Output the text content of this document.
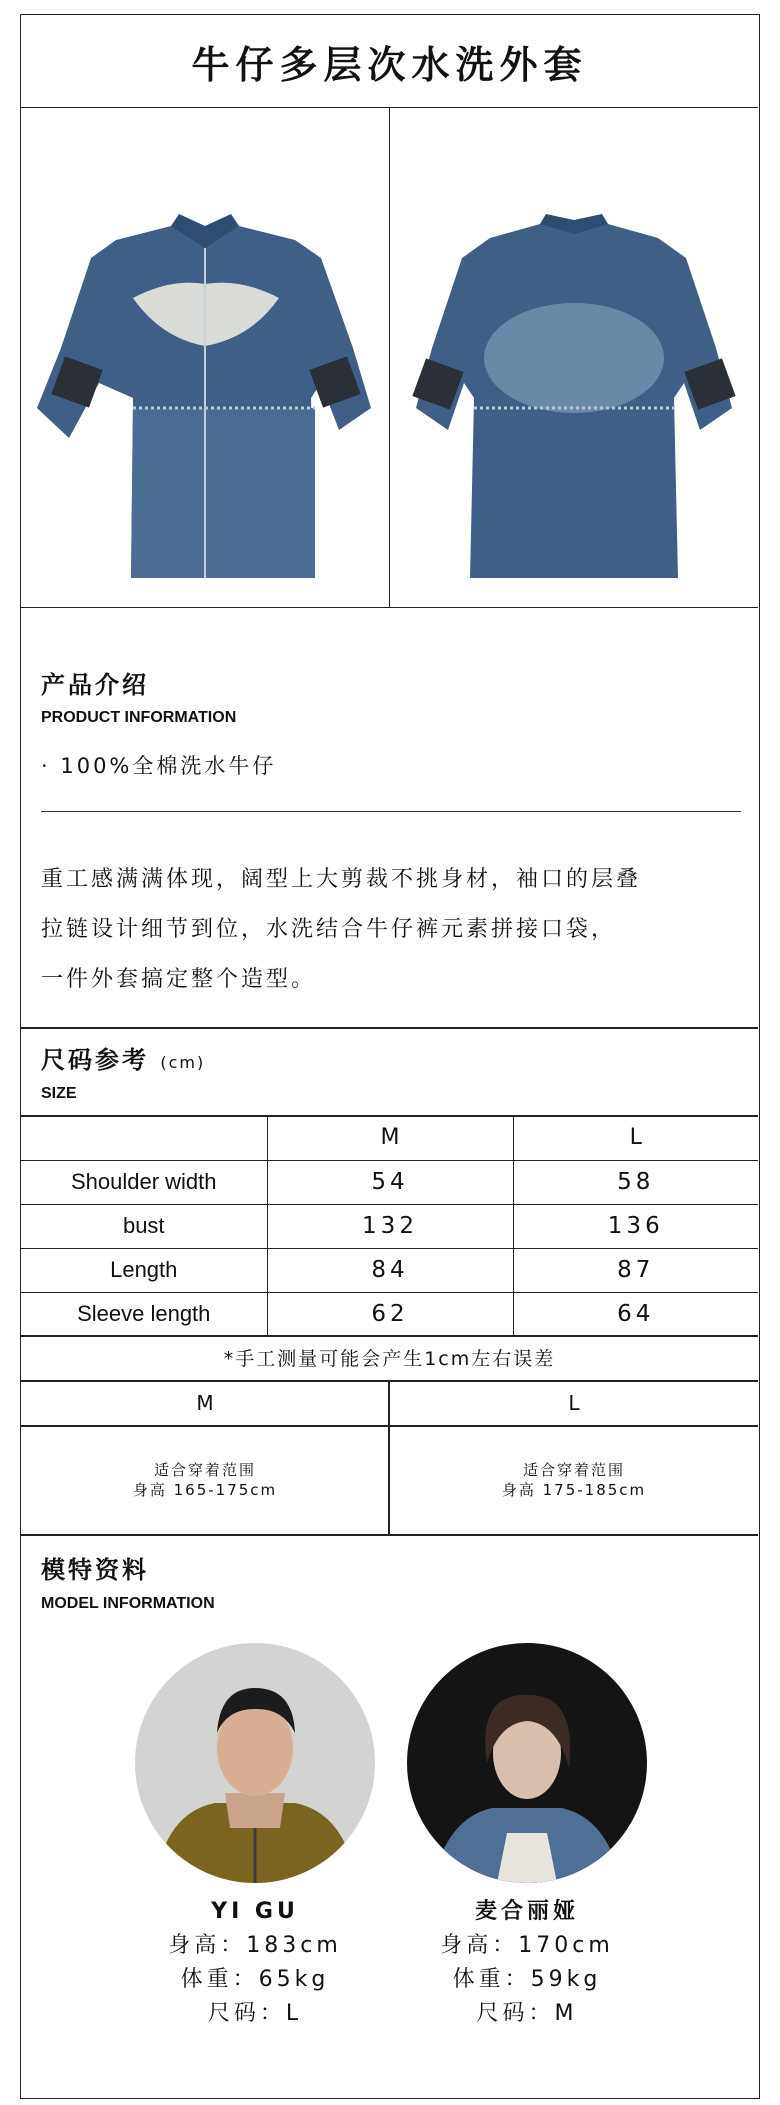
牛仔多层次水洗外套
产品介绍
PRODUCT INFORMATION
· 100%全棉洗水牛仔
重工感满满体现，阔型上大剪裁不挑身材，袖口的层叠
拉链设计细节到位，水洗结合牛仔裤元素拼接口袋，
一件外套搞定整个造型。
尺码参考 (cm)
SIZE
	M	L
Shoulder width	54	58
bust	132	136
Length	84	87
Sleeve length	62	64
*手工测量可能会产生1cm左右误差
M	L
适合穿着范围
身高 165-175cm
适合穿着范围
身高 175-185cm
模特资料
MODEL INFORMATION
YI GU
身高：183cm
体重：65kg
尺码：L
麦合丽娅
身高：170cm
体重：59kg
尺码：M
